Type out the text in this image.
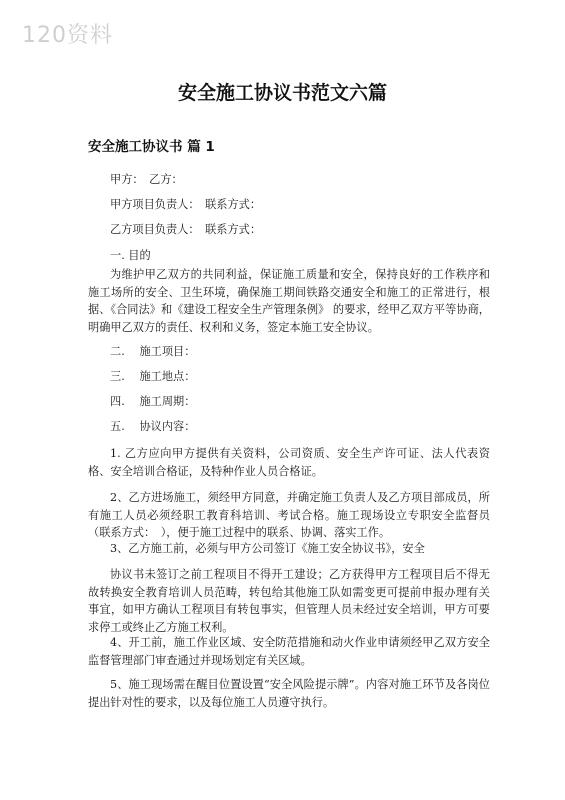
120资料
安全施工协议书范文六篇
安全施工协议书 篇 1
甲方：　乙方：
甲方项目负责人：　联系方式：
乙方项目负责人：　联系方式：
一. 目的
为维护甲乙双方的共同利益，保证施工质量和安全，保持良好的工作秩序和施工场所的安全、卫生环境，确保施工期间铁路交通安全和施工的正常进行，根据、《合同法》和《建设工程安全生产管理条例》 的要求，经甲乙双方平等协商，明确甲乙双方的责任、权利和义务，签定本施工安全协议。
二.　 施工项目：
三.　 施工地点：
四.　 施工周期：
五.　 协议内容：
1. 乙方应向甲方提供有关资料，公司资质、安全生产许可证、法人代表资格、安全培训合格证，及特种作业人员合格证。
2、乙方进场施工，须经甲方同意，并确定施工负责人及乙方项目部成员，所有施工人员必须经职工教育科培训、考试合格。施工现场设立专职安全监督员（联系方式：　），便于施工过程中的联系、协调、落实工作。
3、乙方施工前，必须与甲方公司签订《施工安全协议书》，安全
协议书未签订之前工程项目不得开工建设；乙方获得甲方工程项目后不得无故转换安全教育培训人员范畴，转包给其他施工队如需变更可提前申报办理有关事宜，如甲方确认工程项目有转包事实，但管理人员未经过安全培训，甲方可要求停工或终止乙方施工权利。
4、开工前，施工作业区域、安全防范措施和动火作业申请须经甲乙双方安全监督管理部门审查通过并现场划定有关区域。
5、施工现场需在醒目位置设置“安全风险提示牌”。内容对施工环节及各岗位提出针对性的要求，以及每位施工人员遵守执行。
